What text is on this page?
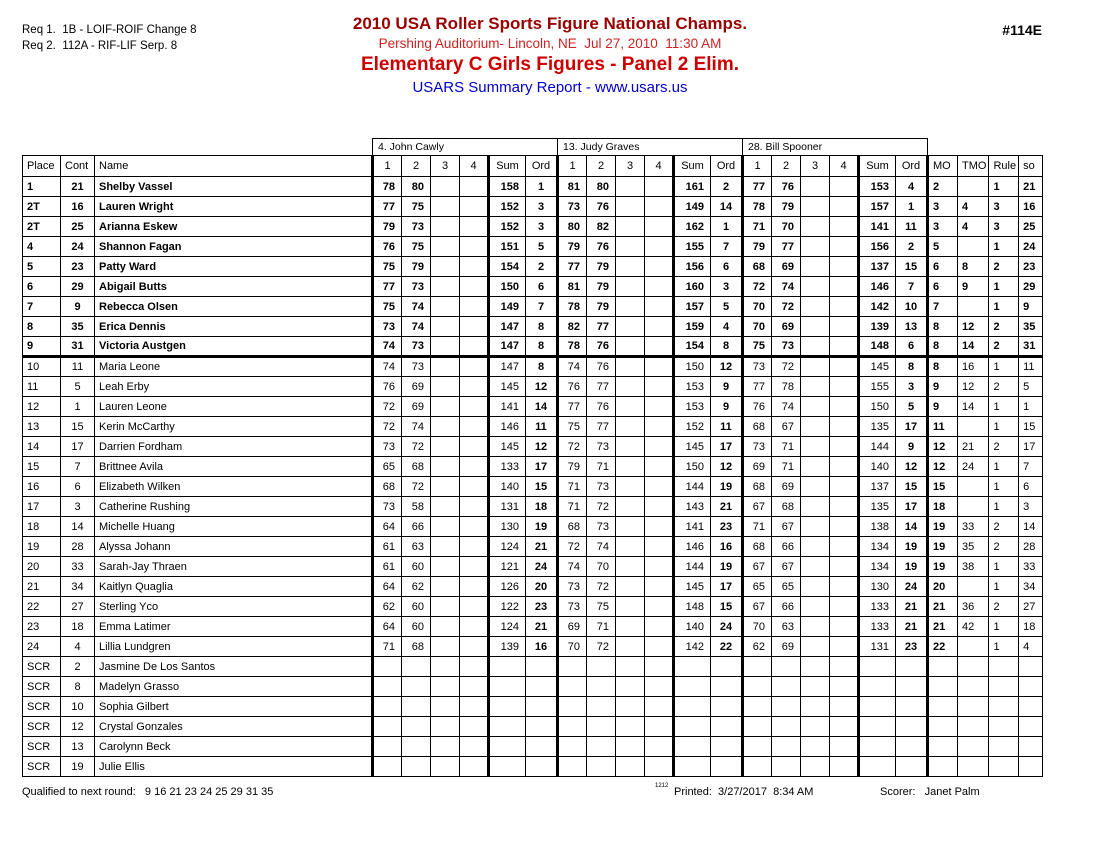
Req 1.  1B - LOIF-ROIF Change 8
Req 2.  112A - RIF-LIF Serp. 8
2010 USA Roller Sports Figure National Champs.
Pershing Auditorium- Lincoln, NE  Jul 27, 2010  11:30 AM
Elementary C Girls Figures - Panel 2 Elim.
USARS Summary Report - www.usars.us
#114E
			4. John Cawly						13. Judy Graves						28. Bill Spooner									
Place	Cont	Name	1	2	3	4	Sum	Ord	1	2	3	4	Sum	Ord	1	2	3	4	Sum	Ord	MO	TMO	Rule	so
1	21	Shelby Vassel	78	80			158	1	81	80			161	2	77	76			153	4	2		1	21
2T	16	Lauren Wright	77	75			152	3	73	76			149	14	78	79			157	1	3	4	3	16
2T	25	Arianna Eskew	79	73			152	3	80	82			162	1	71	70			141	11	3	4	3	25
4	24	Shannon Fagan	76	75			151	5	79	76			155	7	79	77			156	2	5		1	24
5	23	Patty Ward	75	79			154	2	77	79			156	6	68	69			137	15	6	8	2	23
6	29	Abigail Butts	77	73			150	6	81	79			160	3	72	74			146	7	6	9	1	29
7	9	Rebecca Olsen	75	74			149	7	78	79			157	5	70	72			142	10	7		1	9
8	35	Erica Dennis	73	74			147	8	82	77			159	4	70	69			139	13	8	12	2	35
9	31	Victoria Austgen	74	73			147	8	78	76			154	8	75	73			148	6	8	14	2	31
10	11	Maria Leone	74	73			147	8	74	76			150	12	73	72			145	8	8	16	1	11
11	5	Leah Erby	76	69			145	12	76	77			153	9	77	78			155	3	9	12	2	5
12	1	Lauren Leone	72	69			141	14	77	76			153	9	76	74			150	5	9	14	1	1
13	15	Kerin McCarthy	72	74			146	11	75	77			152	11	68	67			135	17	11		1	15
14	17	Darrien Fordham	73	72			145	12	72	73			145	17	73	71			144	9	12	21	2	17
15	7	Brittnee Avila	65	68			133	17	79	71			150	12	69	71			140	12	12	24	1	7
16	6	Elizabeth Wilken	68	72			140	15	71	73			144	19	68	69			137	15	15		1	6
17	3	Catherine Rushing	73	58			131	18	71	72			143	21	67	68			135	17	18		1	3
18	14	Michelle Huang	64	66			130	19	68	73			141	23	71	67			138	14	19	33	2	14
19	28	Alyssa Johann	61	63			124	21	72	74			146	16	68	66			134	19	19	35	2	28
20	33	Sarah-Jay Thraen	61	60			121	24	74	70			144	19	67	67			134	19	19	38	1	33
21	34	Kaitlyn Quaglia	64	62			126	20	73	72			145	17	65	65			130	24	20		1	34
22	27	Sterling Yco	62	60			122	23	73	75			148	15	67	66			133	21	21	36	2	27
23	18	Emma Latimer	64	60			124	21	69	71			140	24	70	63			133	21	21	42	1	18
24	4	Lillia Lundgren	71	68			139	16	70	72			142	22	62	69			131	23	22		1	4
SCR	2	Jasmine De Los Santos																						
SCR	8	Madelyn Grasso																						
SCR	10	Sophia Gilbert																						
SCR	12	Crystal Gonzales																						
SCR	13	Carolynn Beck																						
SCR	19	Julie Ellis																						
Qualified to next round:   9 16 21 23 24 25 29 31 35	1212 Printed:  3/27/2017  8:34 AM	Scorer:   Janet Palm
